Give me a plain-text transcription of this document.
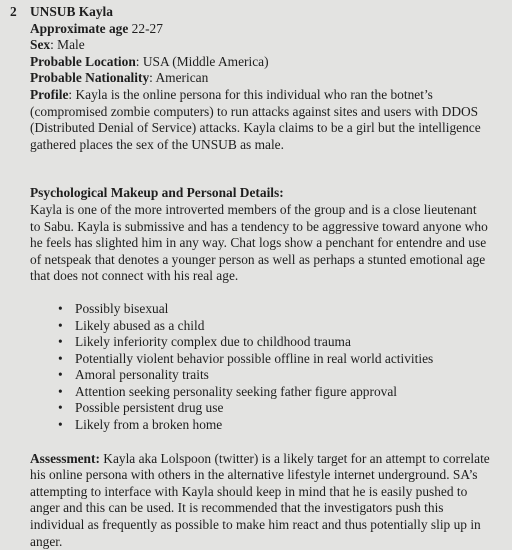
2 UNSUB Kayla

Approximate age 22-27

Sex: Male

Probable Location: USA (Middle America)

Probable Nationality: American

Profile: Kayla is the online persona for this individual who ran the botnet’s (compromised zombie computers) to run attacks against sites and users with DDOS (Distributed Denial of Service) attacks. Kayla claims to be a girl but the intelligence gathered places the sex of the UNSUB as male.

Psychological Makeup and Personal Details:

Kayla is one of the more introverted members of the group and is a close lieutenant to Sabu. Kayla is submissive and has a tendency to be aggressive toward anyone who he feels has slighted him in any way. Chat logs show a penchant for entendre and use of netspeak that denotes a younger person as well as perhaps a stunted emotional age that does not connect with his real age.

• Possibly bisexual
• Likely abused as a child
• Likely inferiority complex due to childhood trauma
• Potentially violent behavior possible offline in real world activities
• Amoral personality traits
• Attention seeking personality seeking father figure approval
• Possible persistent drug use
• Likely from a broken home

Assessment: Kayla aka Lolspoon (twitter) is a likely target for an attempt to correlate his online persona with others in the alternative lifestyle internet underground. SA’s attempting to interface with Kayla should keep in mind that he is easily pushed to anger and this can be used. It is recommended that the investigators push this individual as frequently as possible to make him react and thus potentially slip up in anger.
